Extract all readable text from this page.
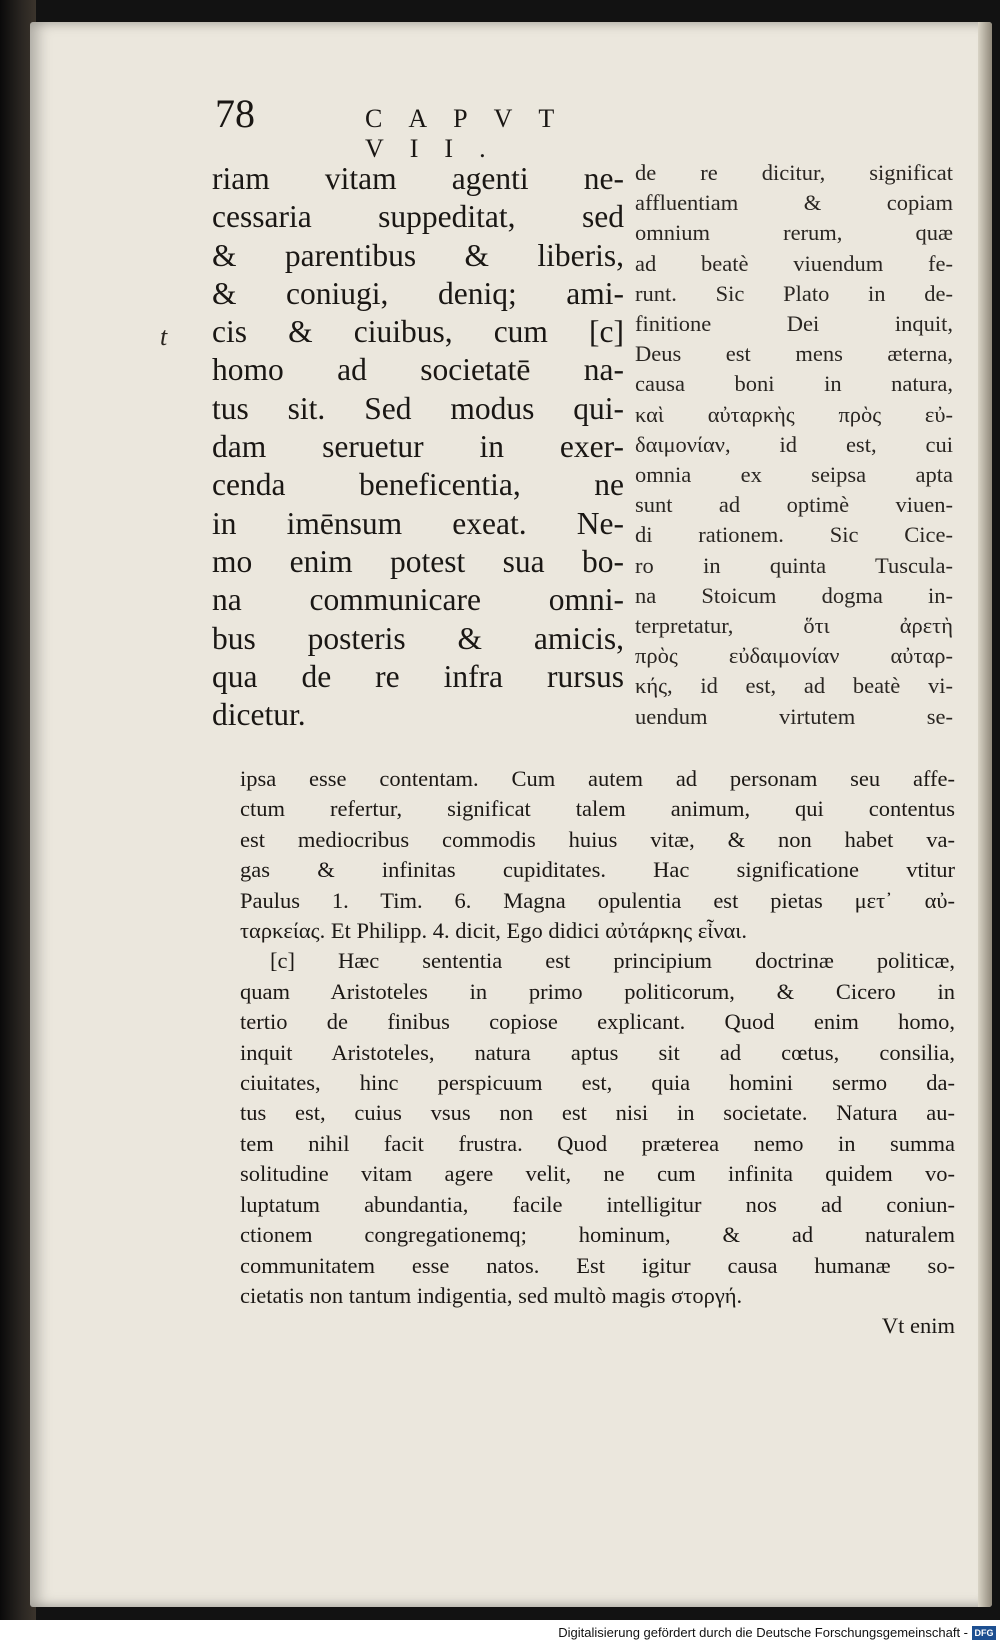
78	CAPVT VII.
t
riam vitam agenti ne-
cessaria suppeditat, sed
& parentibus & liberis,
& coniugi, deniq; ami-
cis & ciuibus, cum [c]
homo ad societatē na-
tus sit. Sed modus qui-
dam seruetur in exer-
cenda beneficentia, ne
in imēnsum exeat. Ne-
mo enim potest sua bo-
na communicare omni-
bus posteris & amicis,
qua de re infra rursus
dicetur.
de re dicitur, significat
affluentiam & copiam
omnium rerum, quæ
ad beatè viuendum fe-
runt. Sic Plato in de-
finitione Dei inquit,
Deus est mens æterna,
causa boni in natura,
καὶ αὐταρκὴς πρὸς εὐ-
δαιμονίαν, id est, cui
omnia ex seipsa apta
sunt ad optimè viuen-
di rationem. Sic Cice-
ro in quinta Tuscula-
na Stoicum dogma in-
terpretatur, ὅτι ἀρετὴ
πρὸς εὐδαιμονίαν αὐταρ-
κής, id est, ad beatè vi-
uendum virtutem se-
ipsa esse contentam. Cum autem ad personam seu affe-
ctum refertur, significat talem animum, qui contentus
est mediocribus commodis huius vitæ, & non habet va-
gas & infinitas cupiditates. Hac significatione vtitur
Paulus 1. Tim. 6. Magna opulentia est pietas μετ᾽ αὐ-
ταρκείας. Et Philipp. 4. dicit, Ego didici αὐτάρκης εἶναι.
[c] Hæc sententia est principium doctrinæ politicæ,
quam Aristoteles in primo politicorum, & Cicero in
tertio de finibus copiose explicant. Quod enim homo,
inquit Aristoteles, natura aptus sit ad cœtus, consilia,
ciuitates, hinc perspicuum est, quia homini sermo da-
tus est, cuius vsus non est nisi in societate. Natura au-
tem nihil facit frustra. Quod præterea nemo in summa
solitudine vitam agere velit, ne cum infinita quidem vo-
luptatum abundantia, facile intelligitur nos ad coniun-
ctionem congregationemq; hominum, & ad naturalem
communitatem esse natos. Est igitur causa humanæ so-
cietatis non tantum indigentia, sed multò magis στοργή.
Vt enim
Digitalisierung gefördert durch die Deutsche Forschungsgemeinschaft - DFG
